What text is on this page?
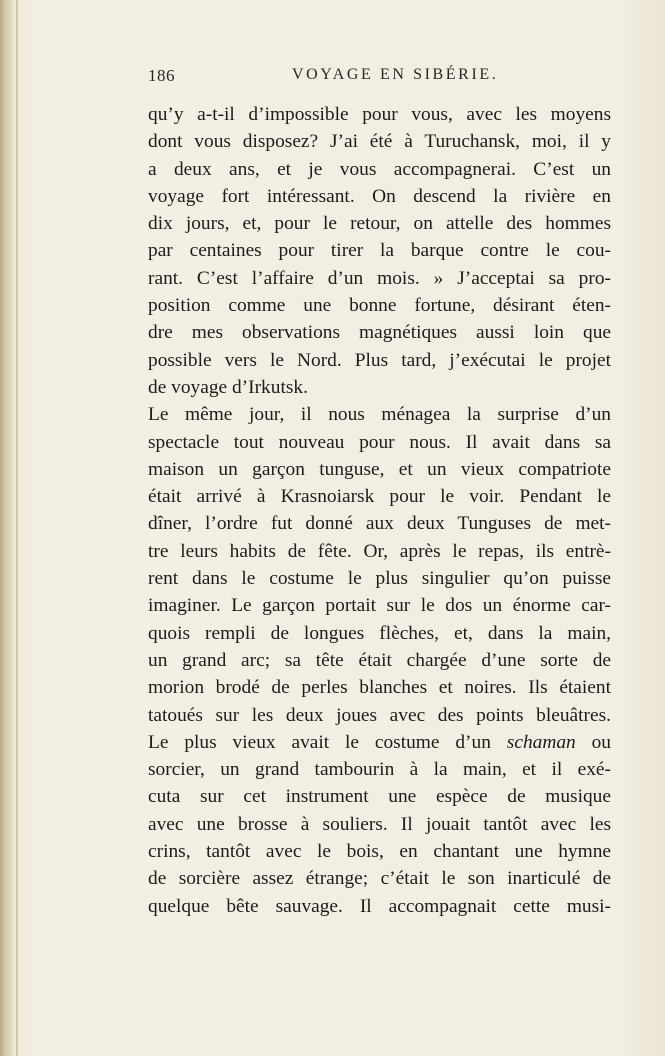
186	VOYAGE EN SIBÉRIE.
qu’y a-t-il d’impossible pour vous, avec les moyens
dont vous disposez? J’ai été à Turuchansk, moi, il y
a deux ans, et je vous accompagnerai. C’est un
voyage fort intéressant. On descend la rivière en
dix jours, et, pour le retour, on attelle des hommes
par centaines pour tirer la barque contre le cou-
rant. C’est l’affaire d’un mois. » J’acceptai sa pro-
position comme une bonne fortune, désirant éten-
dre mes observations magnétiques aussi loin que
possible vers le Nord. Plus tard, j’exécutai le projet
de voyage d’Irkutsk.
Le même jour, il nous ménagea la surprise d’un
spectacle tout nouveau pour nous. Il avait dans sa
maison un garçon tunguse, et un vieux compatriote
était arrivé à Krasnoiarsk pour le voir. Pendant le
dîner, l’ordre fut donné aux deux Tunguses de met-
tre leurs habits de fête. Or, après le repas, ils entrè-
rent dans le costume le plus singulier qu’on puisse
imaginer. Le garçon portait sur le dos un énorme car-
quois rempli de longues flèches, et, dans la main,
un grand arc; sa tête était chargée d’une sorte de
morion brodé de perles blanches et noires. Ils étaient
tatoués sur les deux joues avec des points bleuâtres.
Le plus vieux avait le costume d’un schaman ou
sorcier, un grand tambourin à la main, et il exé-
cuta sur cet instrument une espèce de musique
avec une brosse à souliers. Il jouait tantôt avec les
crins, tantôt avec le bois, en chantant une hymne
de sorcière assez étrange; c’était le son inarticulé de
quelque bête sauvage. Il accompagnait cette musi-
